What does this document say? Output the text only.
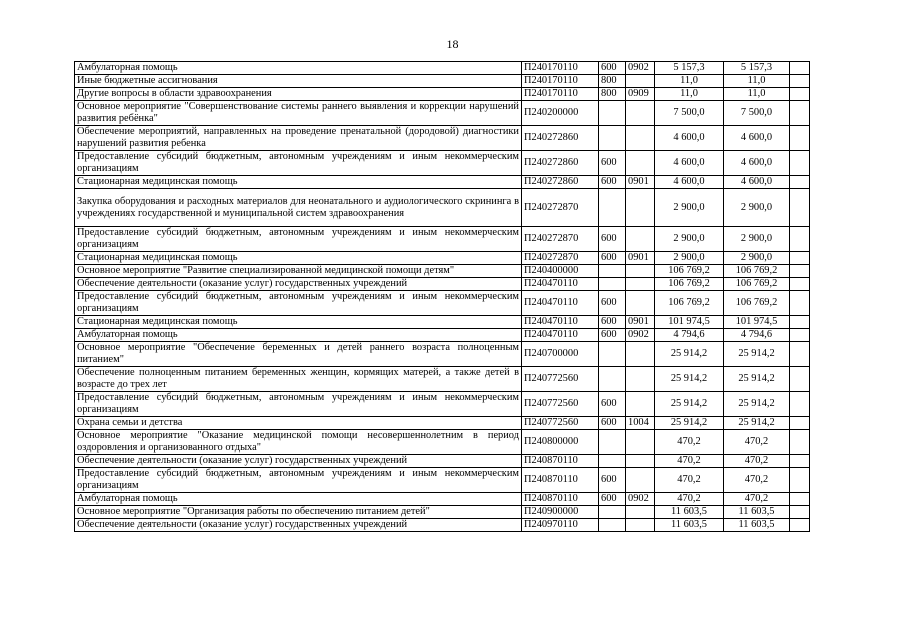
18
Амбулаторная помощь	П240170110	600	0902	5 157,3	5 157,3	
Иные бюджетные ассигнования	П240170110	800		11,0	11,0	
Другие вопросы в области здравоохранения	П240170110	800	0909	11,0	11,0	
Основное мероприятие "Совершенствование системы раннего выявления и коррекции нарушений развития ребёнка"	П240200000			7 500,0	7 500,0	
Обеспечение мероприятий, направленных на проведение пренатальной (дородовой) диагностики нарушений развития ребенка	П240272860			4 600,0	4 600,0	
Предоставление субсидий бюджетным, автономным учреждениям и иным некоммерческим организациям	П240272860	600		4 600,0	4 600,0	
Стационарная медицинская помощь	П240272860	600	0901	4 600,0	4 600,0	
Закупка оборудования и расходных материалов для неонатального и аудиологического скрининга в учреждениях государственной и муниципальной систем здравоохранения	П240272870			2 900,0	2 900,0	
Предоставление субсидий бюджетным, автономным учреждениям и иным некоммерческим организациям	П240272870	600		2 900,0	2 900,0	
Стационарная медицинская помощь	П240272870	600	0901	2 900,0	2 900,0	
Основное мероприятие "Развитие специализированной медицинской помощи детям"	П240400000			106 769,2	106 769,2	
Обеспечение деятельности (оказание услуг) государственных учреждений	П240470110			106 769,2	106 769,2	
Предоставление субсидий бюджетным, автономным учреждениям и иным некоммерческим организациям	П240470110	600		106 769,2	106 769,2	
Стационарная медицинская помощь	П240470110	600	0901	101 974,5	101 974,5	
Амбулаторная помощь	П240470110	600	0902	4 794,6	4 794,6	
Основное мероприятие "Обеспечение беременных и детей раннего возраста полноценным питанием"	П240700000			25 914,2	25 914,2	
Обеспечение полноценным питанием беременных женщин, кормящих матерей, а также детей в возрасте до трех лет	П240772560			25 914,2	25 914,2	
Предоставление субсидий бюджетным, автономным учреждениям и иным некоммерческим организациям	П240772560	600		25 914,2	25 914,2	
Охрана семьи и детства	П240772560	600	1004	25 914,2	25 914,2	
Основное мероприятие "Оказание медицинской помощи несовершеннолетним в период оздоровления и организованного отдыха"	П240800000			470,2	470,2	
Обеспечение деятельности (оказание услуг) государственных учреждений	П240870110			470,2	470,2	
Предоставление субсидий бюджетным, автономным учреждениям и иным некоммерческим организациям	П240870110	600		470,2	470,2	
Амбулаторная помощь	П240870110	600	0902	470,2	470,2	
Основное мероприятие "Организация работы по обеспечению питанием детей"	П240900000			11 603,5	11 603,5	
Обеспечение деятельности (оказание услуг) государственных учреждений	П240970110			11 603,5	11 603,5	
